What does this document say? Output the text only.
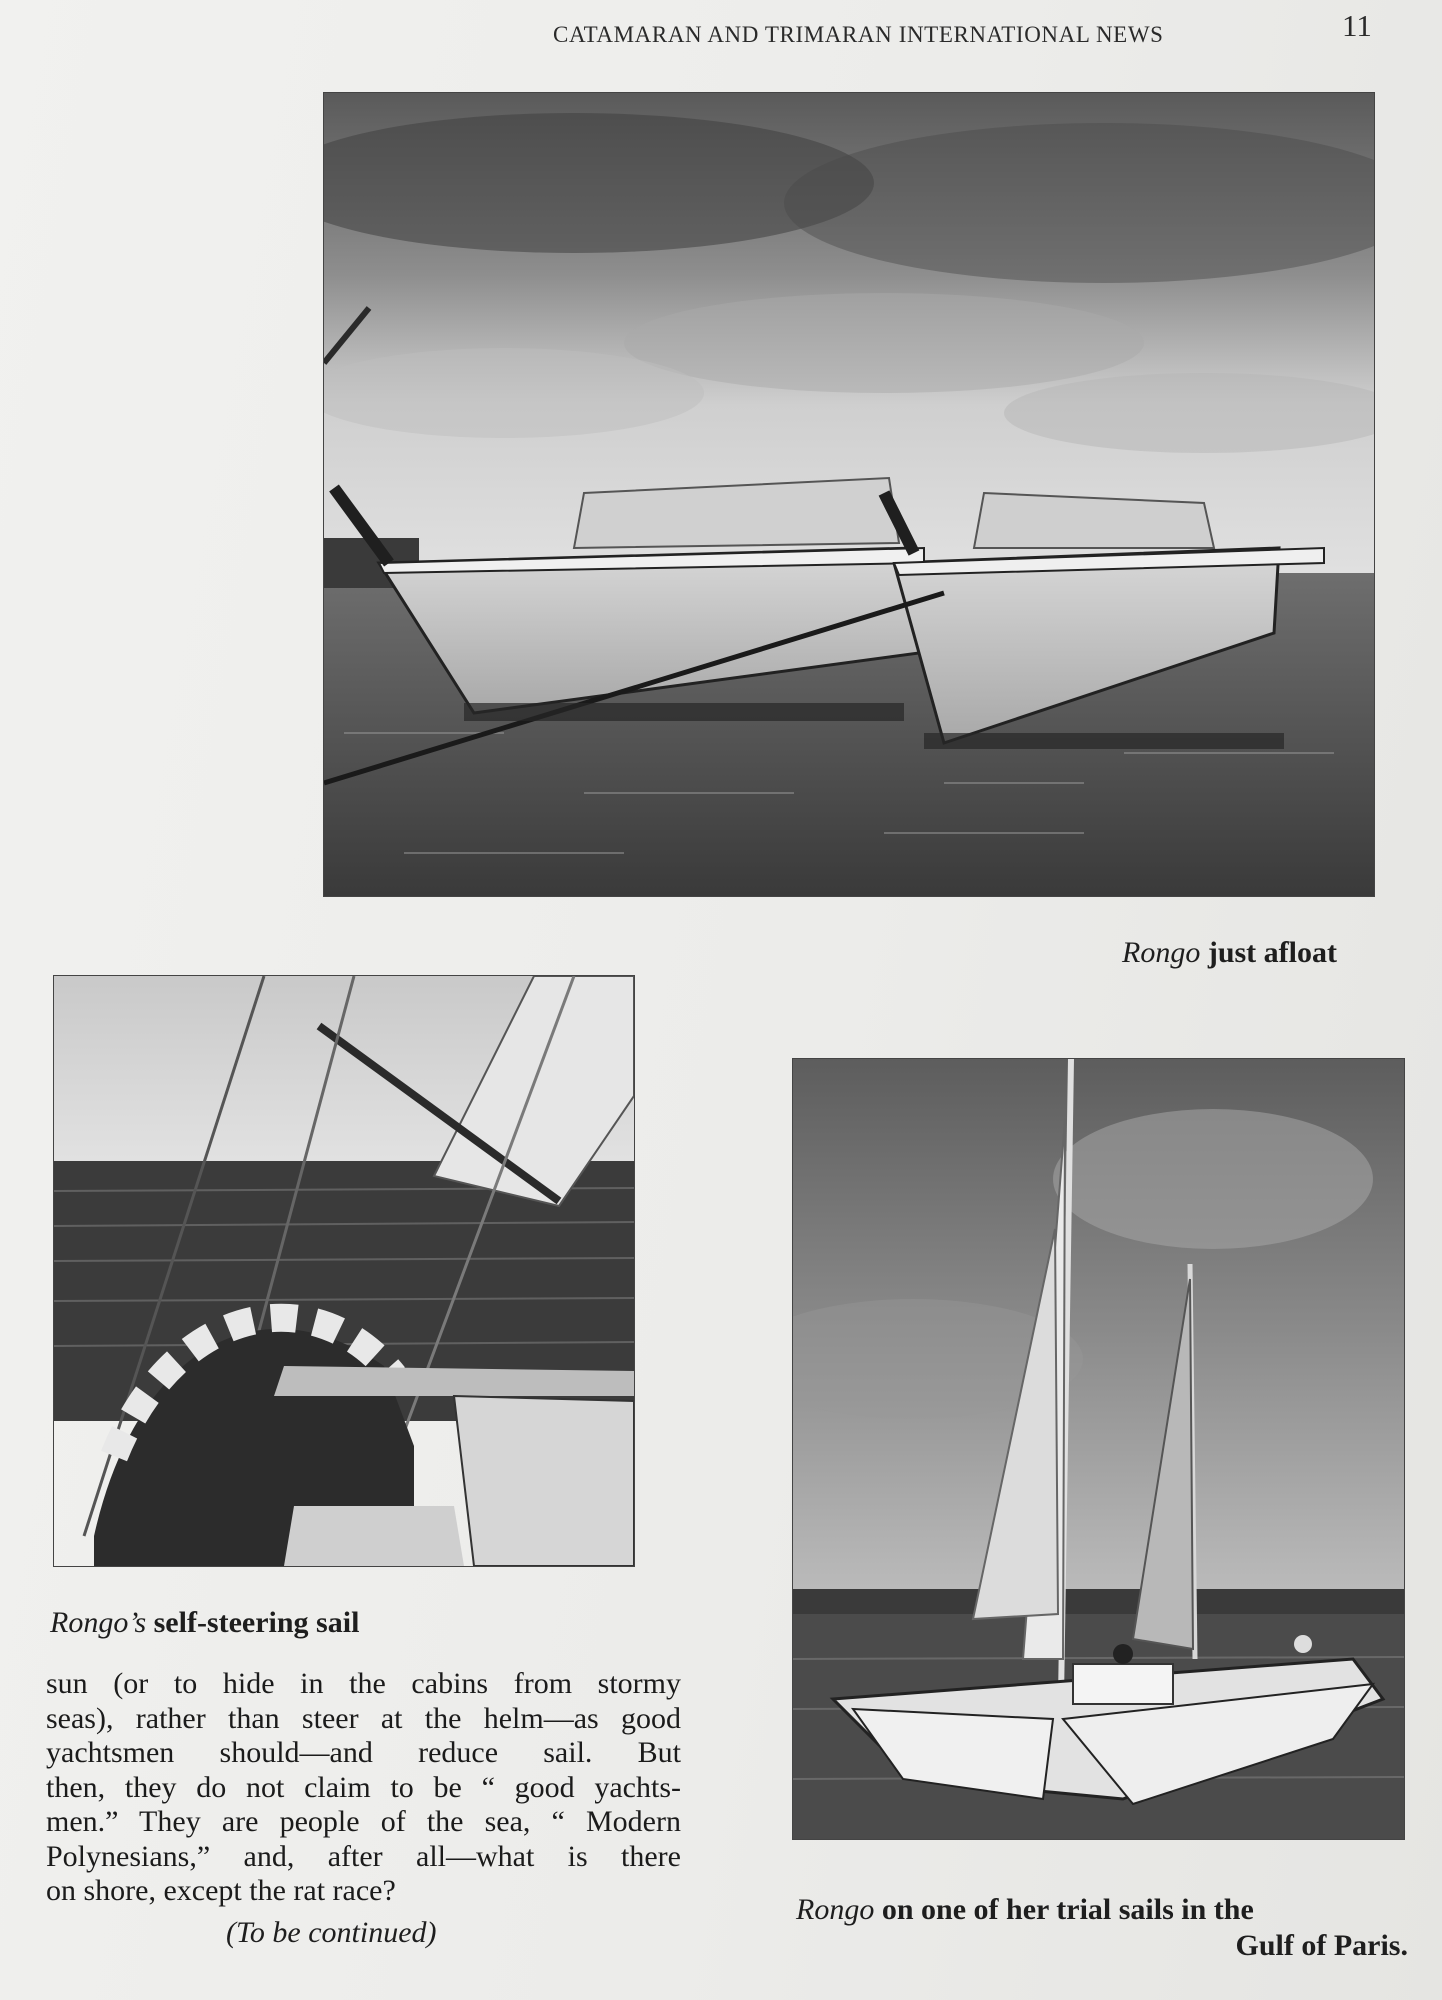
CATAMARAN AND TRIMARAN INTERNATIONAL NEWS	11
Rongo just afloat
Rongo’s self-steering sail
Rongo on one of her trial sails in the
Gulf of Paris.
sun (or to hide in the cabins from stormy
seas), rather than steer at the helm—as good
yachtsmen should—and reduce sail. But
then, they do not claim to be “ good yachts-
men.” They are people of the sea, “ Modern
Polynesians,” and, after all—what is there
on shore, except the rat race?
(To be continued)
